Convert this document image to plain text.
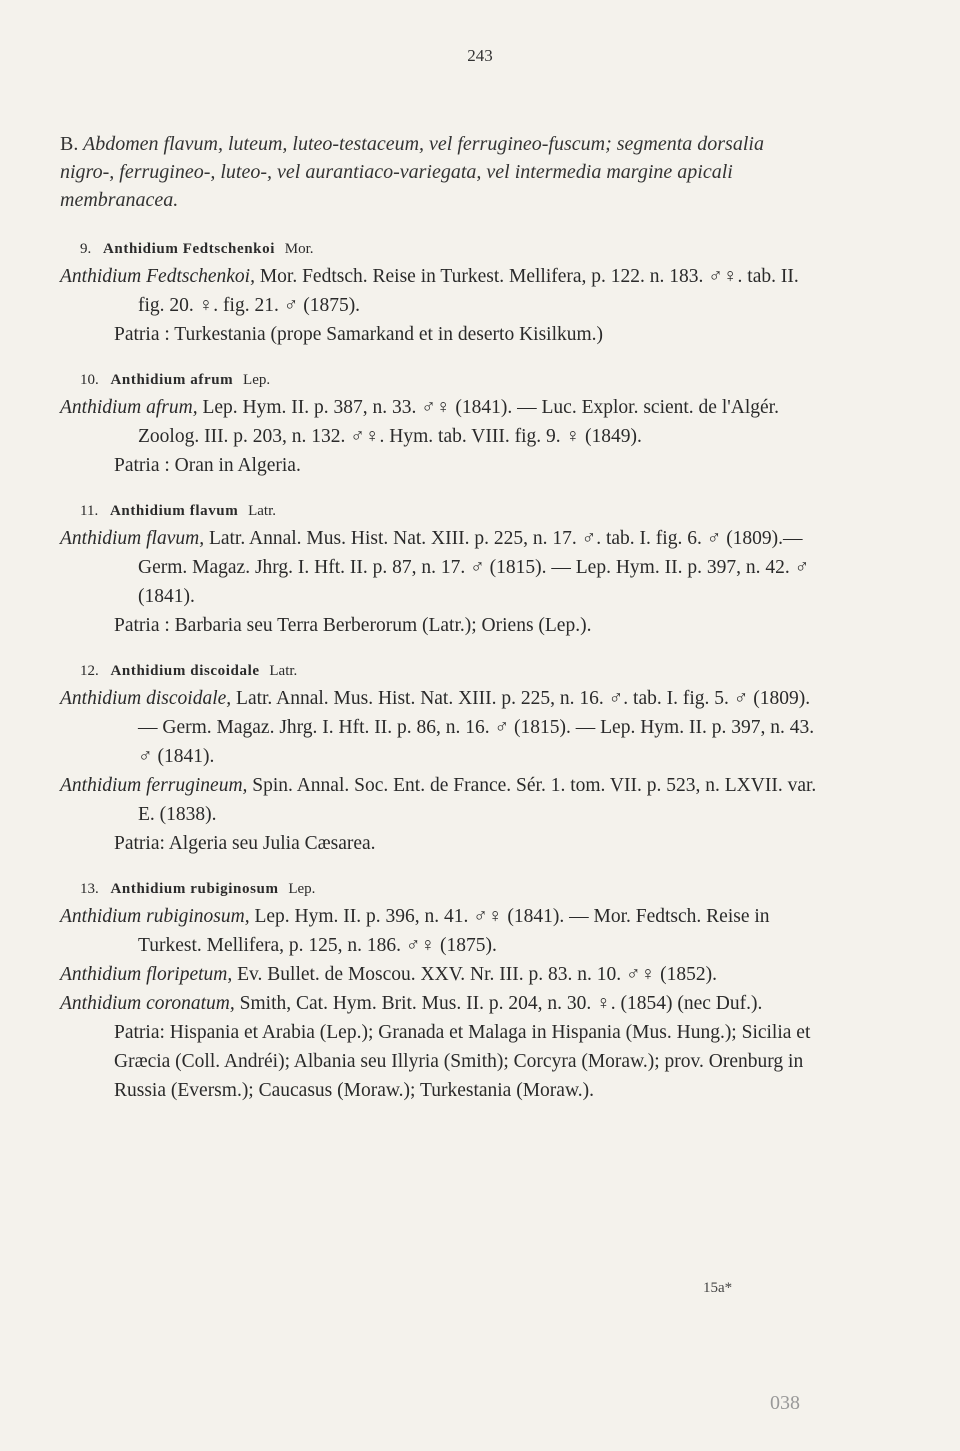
243
B. Abdomen flavum, luteum, luteo-testaceum, vel ferrugineo-fuscum; segmenta dorsalia nigro-, ferrugineo-, luteo-, vel aurantiaco-variegata, vel intermedia margine apicali membranacea.
9. Anthidium Fedtschenkoi Mor.
Anthidium Fedtschenkoi, Mor. Fedtsch. Reise in Turkest. Mellifera, p. 122. n. 183. ♂♀. tab. II. fig. 20. ♀. fig. 21. ♂ (1875).
Patria : Turkestania (prope Samarkand et in deserto Kisilkum.)
10. Anthidium afrum Lep.
Anthidium afrum, Lep. Hym. II. p. 387, n. 33. ♂♀ (1841). — Luc. Explor. scient. de l'Algér. Zoolog. III. p. 203, n. 132. ♂♀. Hym. tab. VIII. fig. 9. ♀ (1849).
Patria : Oran in Algeria.
11. Anthidium flavum Latr.
Anthidium flavum, Latr. Annal. Mus. Hist. Nat. XIII. p. 225, n. 17. ♂. tab. I. fig. 6. ♂ (1809).—Germ. Magaz. Jhrg. I. Hft. II. p. 87, n. 17. ♂ (1815). — Lep. Hym. II. p. 397, n. 42. ♂ (1841).
Patria : Barbaria seu Terra Berberorum (Latr.); Oriens (Lep.).
12. Anthidium discoidale Latr.
Anthidium discoidale, Latr. Annal. Mus. Hist. Nat. XIII. p. 225, n. 16. ♂. tab. I. fig. 5. ♂ (1809). — Germ. Magaz. Jhrg. I. Hft. II. p. 86, n. 16. ♂ (1815). — Lep. Hym. II. p. 397, n. 43. ♂ (1841).
Anthidium ferrugineum, Spin. Annal. Soc. Ent. de France. Sér. 1. tom. VII. p. 523, n. LXVII. var. E. (1838).
Patria: Algeria seu Julia Cæsarea.
13. Anthidium rubiginosum Lep.
Anthidium rubiginosum, Lep. Hym. II. p. 396, n. 41. ♂♀ (1841). — Mor. Fedtsch. Reise in Turkest. Mellifera, p. 125, n. 186. ♂♀ (1875).
Anthidium floripetum, Ev. Bullet. de Moscou. XXV. Nr. III. p. 83. n. 10. ♂♀ (1852).
Anthidium coronatum, Smith, Cat. Hym. Brit. Mus. II. p. 204, n. 30. ♀. (1854) (nec Duf.).
Patria: Hispania et Arabia (Lep.); Granada et Malaga in Hispania (Mus. Hung.); Sicilia et Græcia (Coll. Andréi); Albania seu Illyria (Smith); Corcyra (Moraw.); prov. Orenburg in Russia (Eversm.); Caucasus (Moraw.); Turkestania (Moraw.).
15a*
038
